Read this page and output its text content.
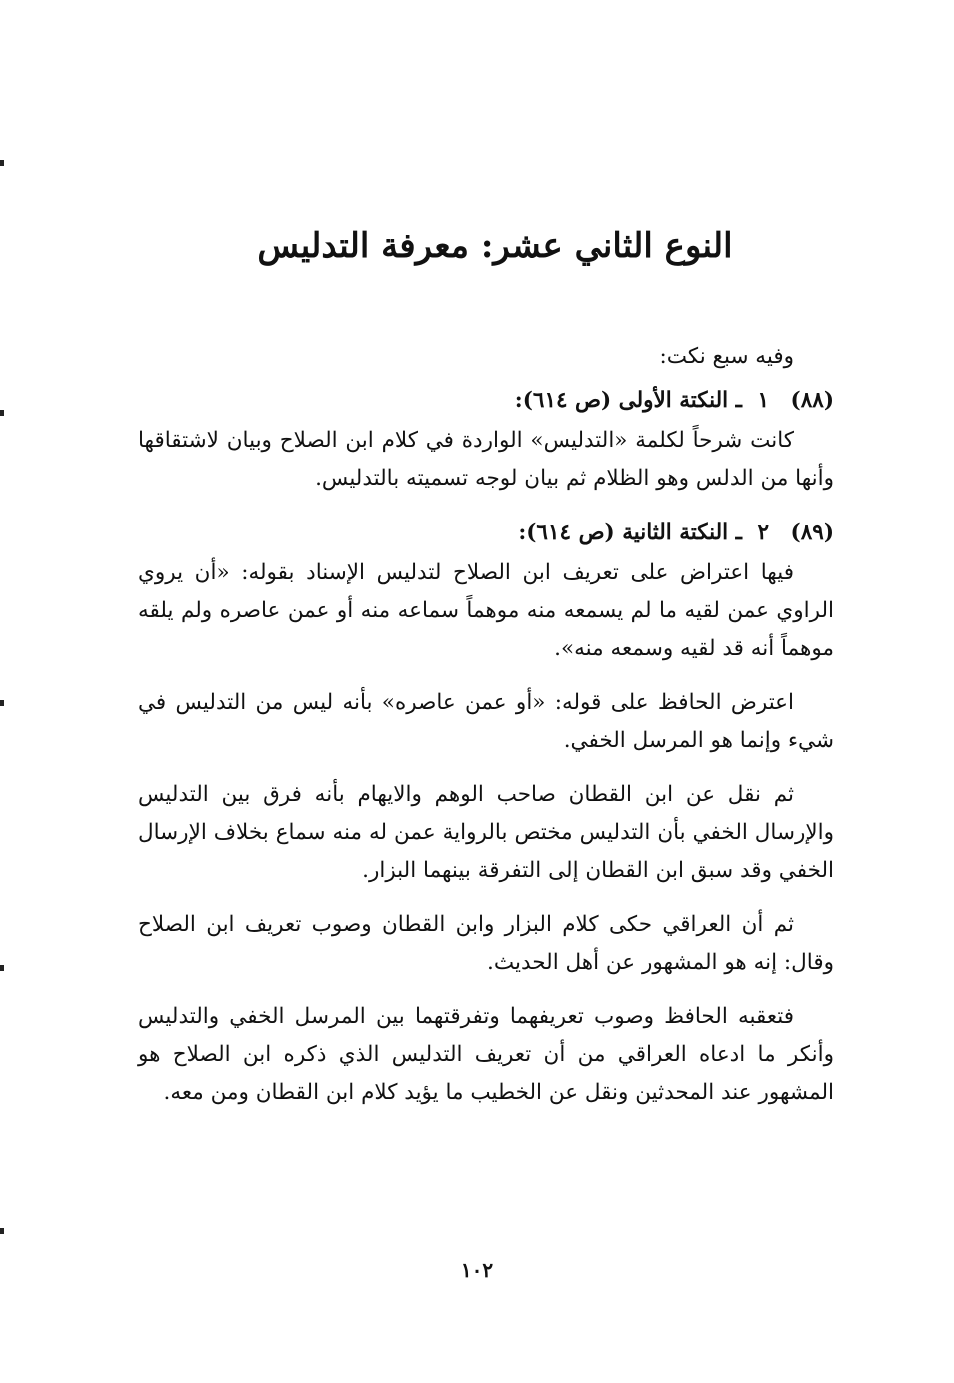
النوع الثاني عشر: معرفة التدليس

وفيه سبع نكت:

(٨٨) ١ ـ النكتة الأولى (ص ٦١٤):

كانت شرحاً لكلمة «التدليس» الواردة في كلام ابن الصلاح وبيان لاشتقاقها وأنها من الدلس وهو الظلام ثم بيان لوجه تسميته بالتدليس.

(٨٩) ٢ ـ النكتة الثانية (ص ٦١٤):

فيها اعتراض على تعريف ابن الصلاح لتدليس الإسناد بقوله: «أن يروي الراوي عمن لقيه ما لم يسمعه منه موهماً سماعه منه أو عمن عاصره ولم يلقه موهماً أنه قد لقيه وسمعه منه».

اعترض الحافظ على قوله: «أو عمن عاصره» بأنه ليس من التدليس في شيء وإنما هو المرسل الخفي.

ثم نقل عن ابن القطان صاحب الوهم والايهام بأنه فرق بين التدليس والإرسال الخفي بأن التدليس مختص بالرواية عمن له منه سماع بخلاف الإرسال الخفي وقد سبق ابن القطان إلى التفرقة بينهما البزار.

ثم أن العراقي حكى كلام البزار وابن القطان وصوب تعريف ابن الصلاح وقال: إنه هو المشهور عن أهل الحديث.

فتعقبه الحافظ وصوب تعريفهما وتفرقتهما بين المرسل الخفي والتدليس وأنكر ما ادعاه العراقي من أن تعريف التدليس الذي ذكره ابن الصلاح هو المشهور عند المحدثين ونقل عن الخطيب ما يؤيد كلام ابن القطان ومن معه.

١٠٢
